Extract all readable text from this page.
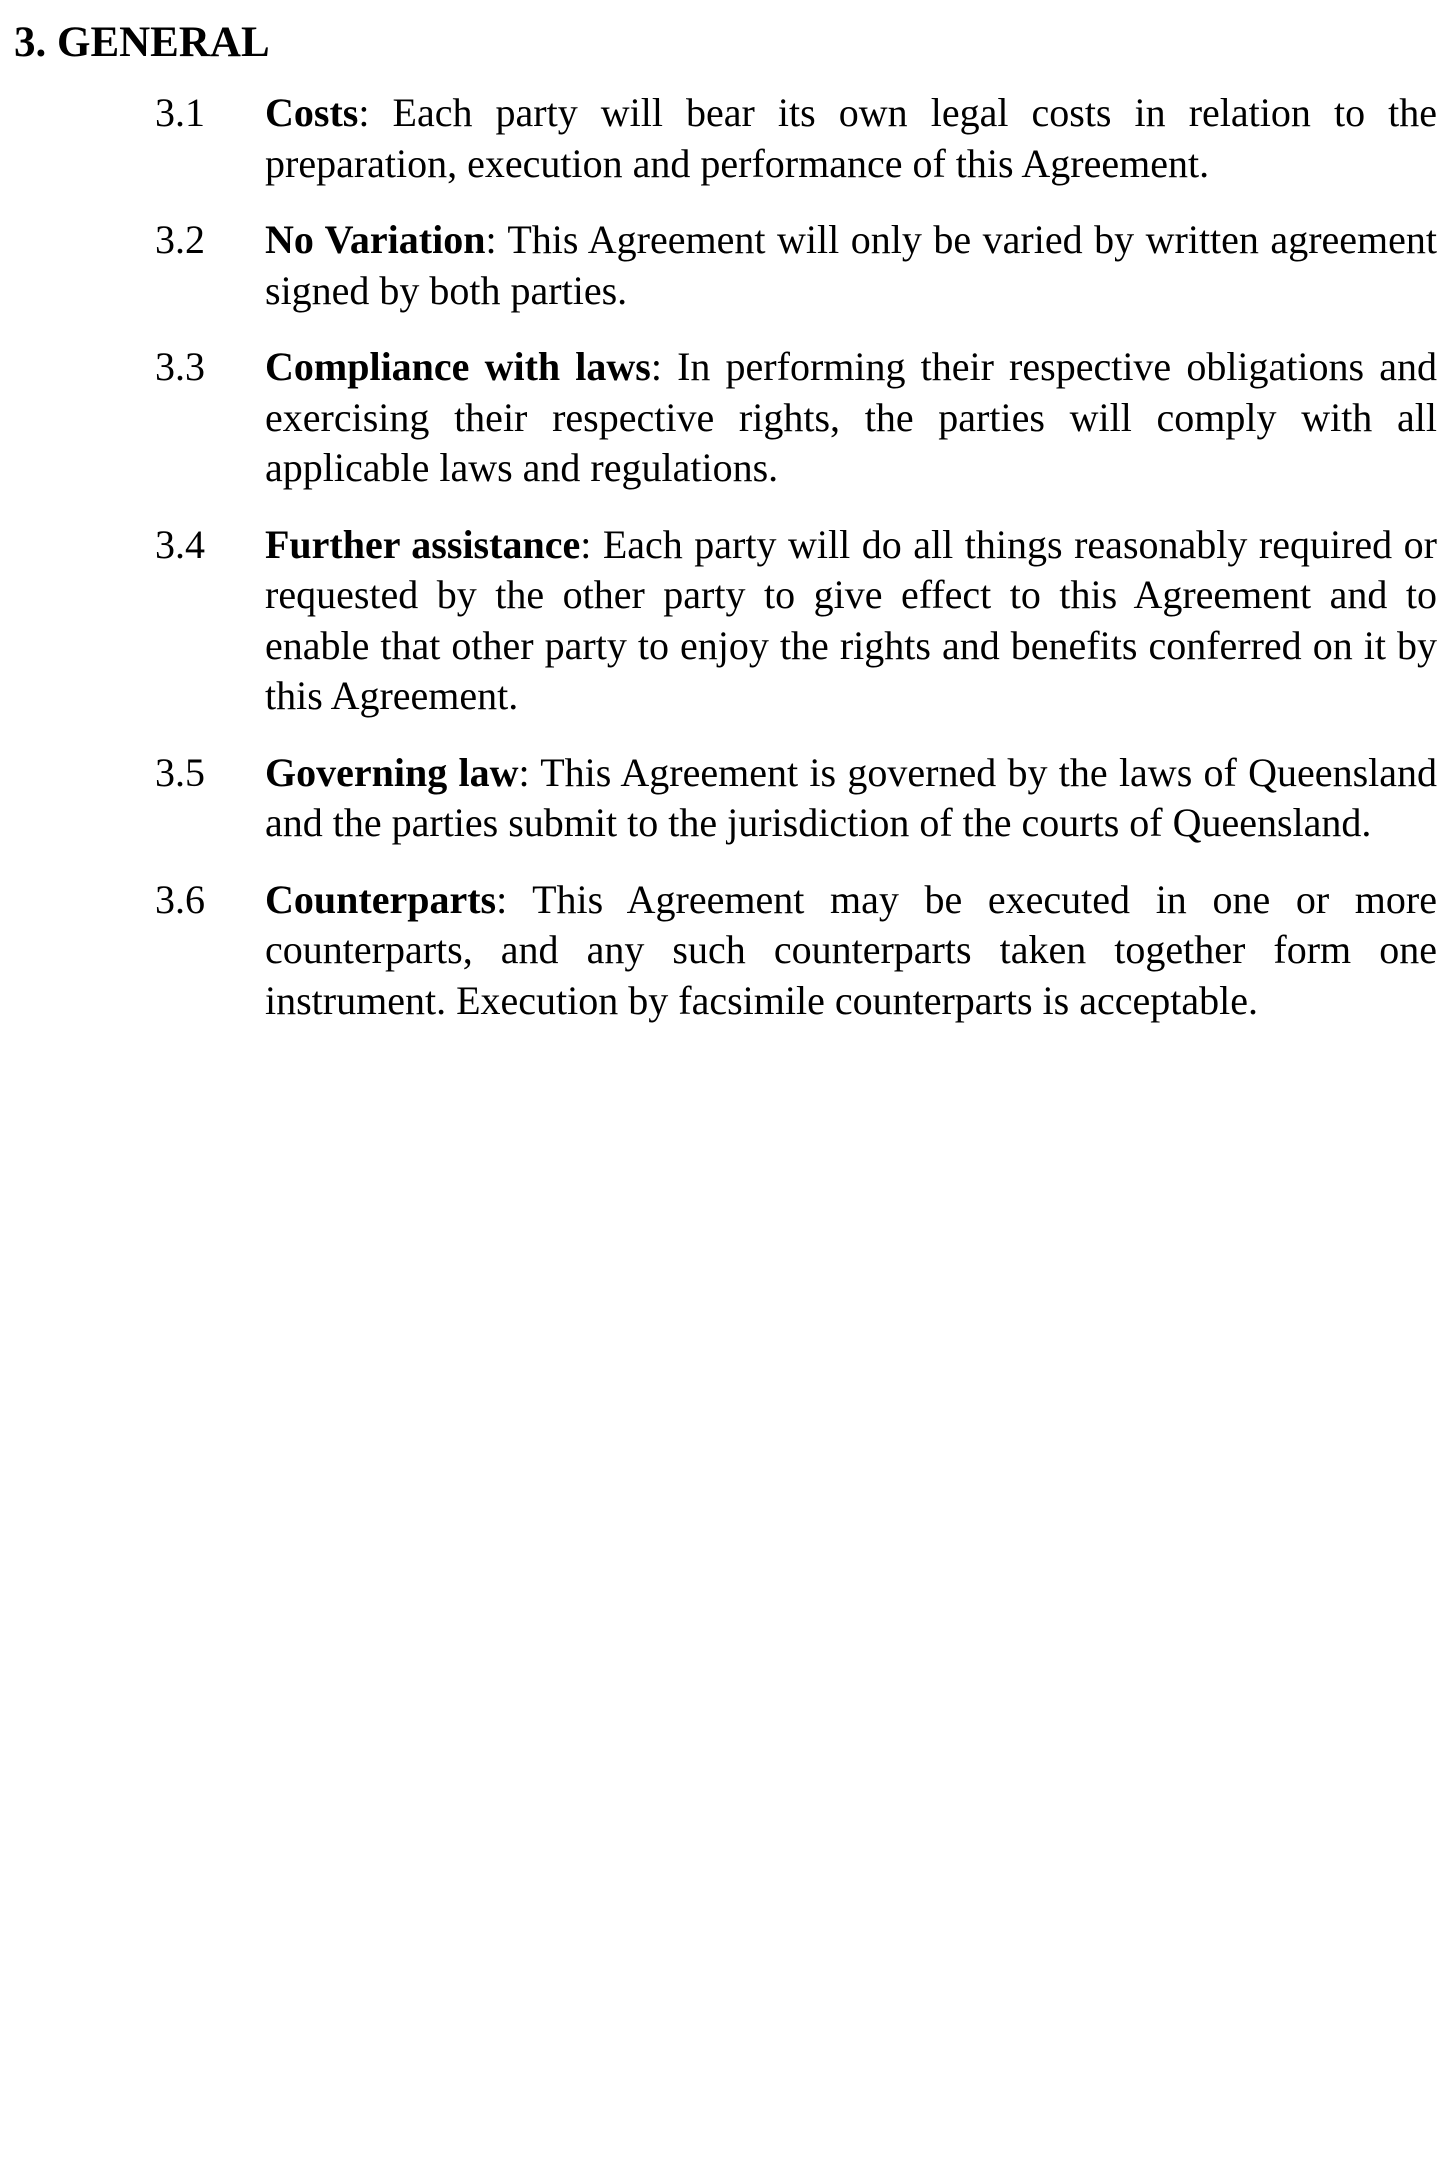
3. GENERAL
3.1	Costs: Each party will bear its own legal costs in relation to the preparation, execution and performance of this Agreement.

3.2	No Variation: This Agreement will only be varied by written agreement signed by both parties.

3.3	Compliance with laws: In performing their respective obligations and exercising their respective rights, the parties will comply with all applicable laws and regulations.

3.4	Further assistance: Each party will do all things reasonably required or requested by the other party to give effect to this Agreement and to enable that other party to enjoy the rights and benefits conferred on it by this Agreement.

3.5	Governing law: This Agreement is governed by the laws of Queensland and the parties submit to the jurisdiction of the courts of Queensland.

3.6	Counterparts: This Agreement may be executed in one or more counterparts, and any such counterparts taken together form one instrument. Execution by facsimile counterparts is acceptable.
